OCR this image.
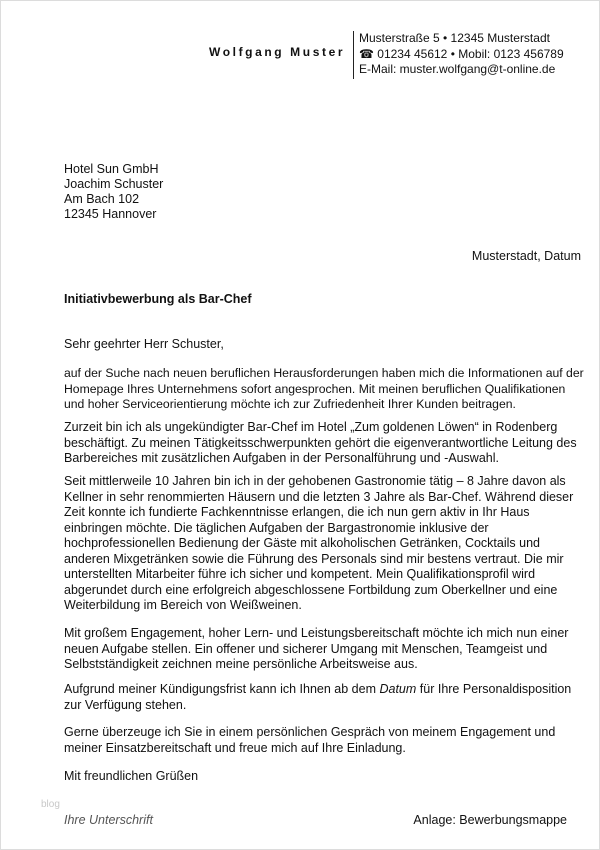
Wolfgang Muster
Musterstraße 5 • 12345 Musterstadt
☎ 01234 45612 • Mobil: 0123 456789
E-Mail: muster.wolfgang@t-online.de
Hotel Sun GmbH
Joachim Schuster
Am Bach 102
12345 Hannover
Musterstadt, Datum
Initiativbewerbung als Bar-Chef
Sehr geehrter Herr Schuster,

auf der Suche nach neuen beruflichen Herausforderungen haben mich die Informationen auf der Homepage Ihres Unternehmens sofort angesprochen. Mit meinen beruflichen Qualifikationen und hoher Serviceorientierung möchte ich zur Zufriedenheit Ihrer Kunden beitragen.

Zurzeit bin ich als ungekündigter Bar-Chef im Hotel „Zum goldenen Löwen“ in Rodenberg beschäftigt. Zu meinen Tätigkeitsschwerpunkten gehört die eigenverantwortliche Leitung des Barbereiches mit zusätzlichen Aufgaben in der Personalführung und -Auswahl.

Seit mittlerweile 10 Jahren bin ich in der gehobenen Gastronomie tätig – 8 Jahre davon als Kellner in sehr renommierten Häusern und die letzten 3 Jahre als Bar-Chef. Während dieser Zeit konnte ich fundierte Fachkenntnisse erlangen, die ich nun gern aktiv in Ihr Haus einbringen möchte. Die täglichen Aufgaben der Bargastronomie inklusive der hochprofessionellen Bedienung der Gäste mit alkoholischen Getränken, Cocktails und anderen Mixgetränken sowie die Führung des Personals sind mir bestens vertraut. Die mir unterstellten Mitarbeiter führe ich sicher und kompetent. Mein Qualifikationsprofil wird abgerundet durch eine erfolgreich abgeschlossene Fortbildung zum Oberkellner und eine Weiterbildung im Bereich von Weißweinen.

Mit großem Engagement, hoher Lern- und Leistungsbereitschaft möchte ich mich nun einer neuen Aufgabe stellen. Ein offener und sicherer Umgang mit Menschen, Teamgeist und Selbstständigkeit zeichnen meine persönliche Arbeitsweise aus.

Aufgrund meiner Kündigungsfrist kann ich Ihnen ab dem Datum für Ihre Personaldisposition zur Verfügung stehen.

Gerne überzeuge ich Sie in einem persönlichen Gespräch von meinem Engagement und meiner Einsatzbereitschaft und freue mich auf Ihre Einladung.

Mit freundlichen Grüßen
blog
Ihre Unterschrift	Anlage: Bewerbungsmappe
